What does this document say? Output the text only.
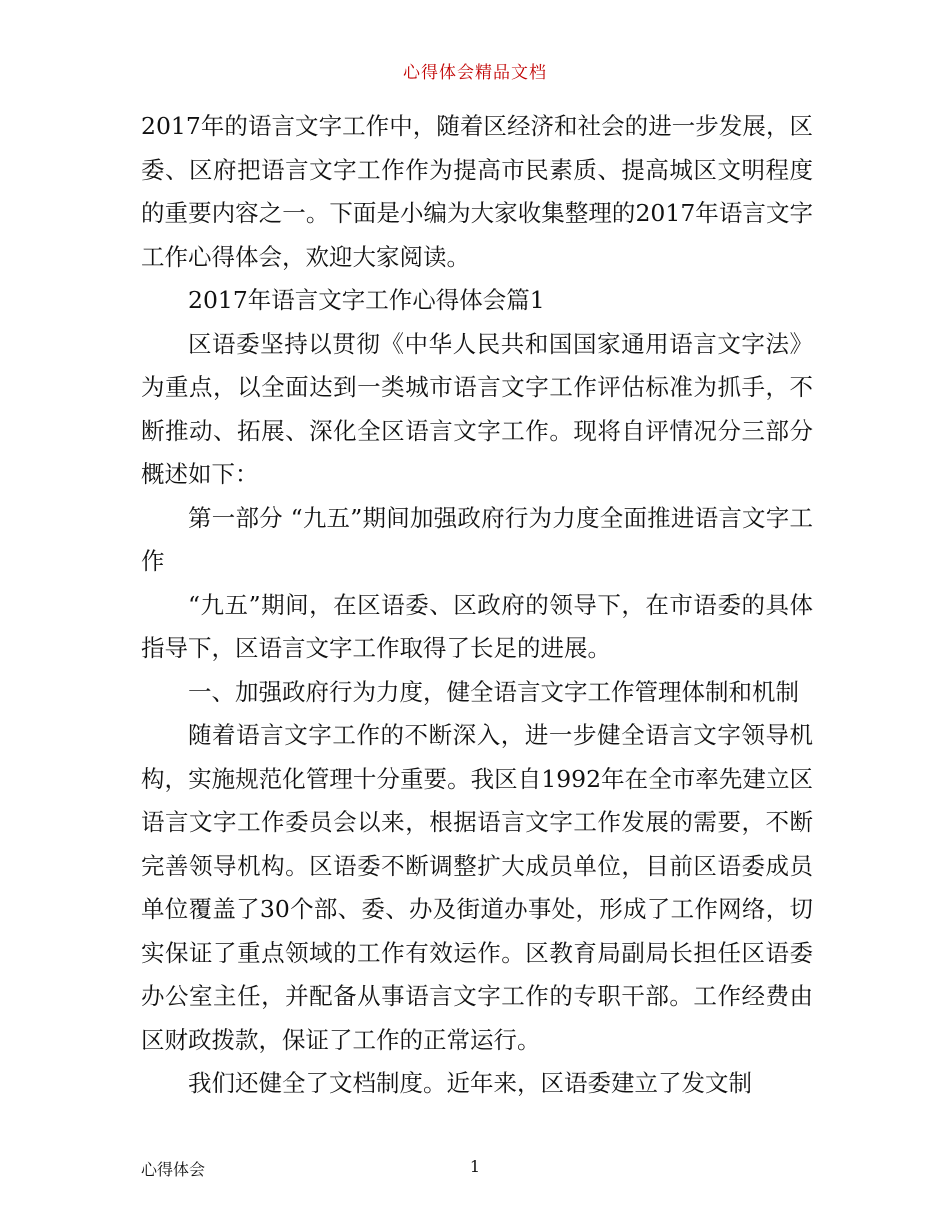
心得体会精品文档

2017年的语言文字工作中，随着区经济和社会的进一步发展，区委、区府把语言文字工作作为提高市民素质、提高城区文明程度的重要内容之一。下面是小编为大家收集整理的2017年语言文字工作心得体会，欢迎大家阅读。

2017年语言文字工作心得体会篇1

区语委坚持以贯彻《中华人民共和国国家通用语言文字法》为重点，以全面达到一类城市语言文字工作评估标准为抓手，不断推动、拓展、深化全区语言文字工作。现将自评情况分三部分概述如下：

第一部分 “九五”期间加强政府行为力度全面推进语言文字工作

“九五”期间，在区语委、区政府的领导下，在市语委的具体指导下，区语言文字工作取得了长足的进展。

一、加强政府行为力度，健全语言文字工作管理体制和机制

随着语言文字工作的不断深入，进一步健全语言文字领导机构，实施规范化管理十分重要。我区自1992年在全市率先建立区语言文字工作委员会以来，根据语言文字工作发展的需要，不断完善领导机构。区语委不断调整扩大成员单位，目前区语委成员单位覆盖了30个部、委、办及街道办事处，形成了工作网络，切实保证了重点领域的工作有效运作。区教育局副局长担任区语委办公室主任，并配备从事语言文字工作的专职干部。工作经费由区财政拨款，保证了工作的正常运行。

我们还健全了文档制度。近年来，区语委建立了发文制

心得体会	1
